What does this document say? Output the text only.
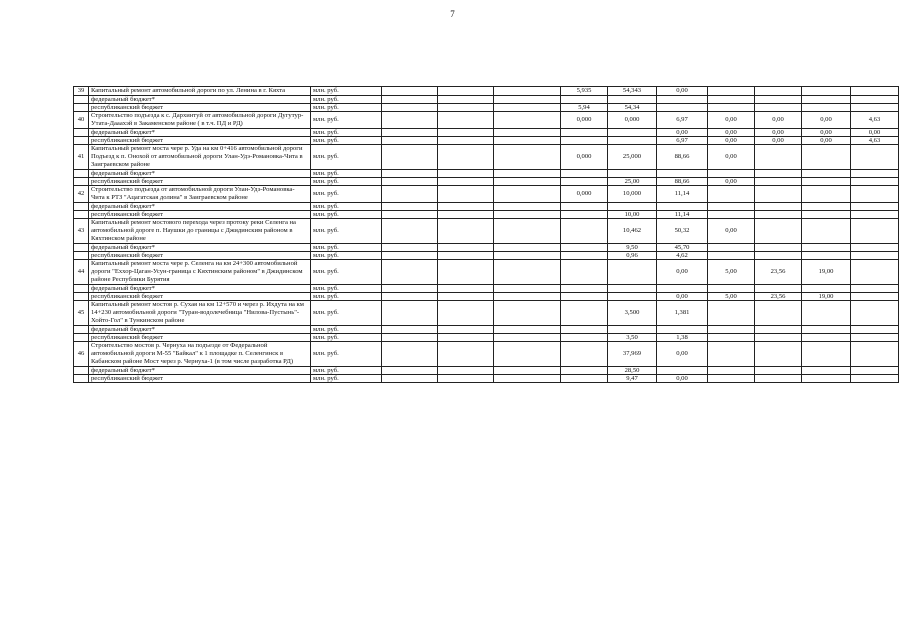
7
39	Капитальный ремонт автомобильной дороги по ул. Ленина в г. Кяхта	млн. руб.				5,935	54,343	0,00				
	федеральный бюджет*	млн. руб.										
	республиканский бюджет	млн. руб.				5,94	54,34					
40	Строительство подъезда к с. Дархинтуй от автомобильной дороги Дугутур-Утата-Дааахэй в Закаменском районе ( в т.ч. ПД и РД)	млн. руб.				0,000	0,000	6,97	0,00	0,00	0,00	4,63
	федеральный бюджет*	млн. руб.						0,00	0,00	0,00	0,00	0,00
	республиканский бюджет	млн. руб.						6,97	0,00	0,00	0,00	4,63
41	Капитальный ремонт моста чере р. Уда на км 0+416 автомобильной дороги Подъезд к п. Онохой от автомобильной дороги Улан-Удэ-Романовка-Чита в Заиграевском районе	млн. руб.				0,000	25,000	88,66	0,00			
	федеральный бюджет*	млн. руб.										
	республиканский бюджет	млн. руб.					25,00	88,66	0,00			
42	Строительство подъезда от автомобильной дороги Улан-Удэ-Романовка-Чита к РТЗ "Ацагатская долина" в Заиграевском районе	млн. руб.				0,000	10,000	11,14				
	федеральный бюджет*	млн. руб.										
	республиканский бюджет	млн. руб.					10,00	11,14				
43	Капитальный ремонт мостового перехода через протоку реки Селенга на автомобильной дороге п. Наушки до границы с Джидинским районом в Кяхтинском районе	млн. руб.					10,462	50,32	0,00			
	федеральный бюджет*	млн. руб.					9,50	45,70				
	республиканский бюджет	млн. руб.					0,96	4,62				
44	Капитальный ремонт моста чере р. Селенга на км 24+300 автомобильной дороги "Еххор-Цаган-Усун-граница с Кяхтинским районом" в Джидинском районе Республики Бурятия	млн. руб.						0,00	5,00	23,56	19,00	
	федеральный бюджет*	млн. руб.										
	республиканский бюджет	млн. руб.						0,00	5,00	23,56	19,00	
45	Капитальный ремонт мостов р. Сухая на км 12+570 и через р. Ихдута на км 14+230 автомобильной дороги "Туран-водолечебница "Нилова-Пустынь"-Хойто-Гол" в Тункинском районе	млн. руб.					3,500	1,381				
	федеральный бюджет*	млн. руб.										
	республиканский бюджет	млн. руб.					3,50	1,38				
46	Строительство мостов р. Чернуха на подъезде от Федеральной автомобильной дороги М-55 "Байкал" к 1 площадке п. Селенгинск в Кабанском районе Мост через р. Чернуха-1 (в том числе разработка РД)	млн. руб.					37,969	0,00				
	федеральный бюджет*	млн. руб.					28,50					
	республиканский бюджет	млн. руб.					9,47	0,00				
